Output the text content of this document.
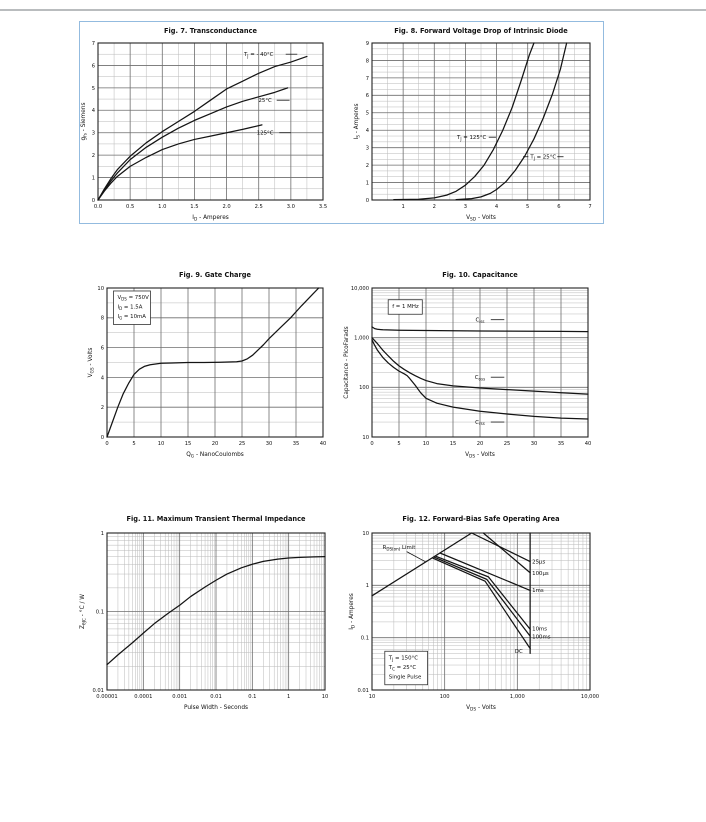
Fig. 7. Transconductance	Fig. 8. Forward Voltage Drop of Intrinsic Diode
Fig. 9. Gate Charge	Fig. 10. Capacitance
Fig. 11. Maximum Transient Thermal Impedance	Fig. 12. Forward-Bias Safe Operating Area
$T_J$ = - 40°C
25°C
125°C
0.0	0.5	1.0	1.5	2.0	2.5	3.0	3.5
0
1
2
3
4
5
6
7
$I_D$ - Amperes
$g_{fs}$ - Siemens
$T_J = 125^\circ C$
$T_J = 25^\circ C$
1	2	3	4	5	6	7
0
1
2
3
4
5
6
7
8
9
$V_{SD}$ - Volts
$I_S$ - Amperes
$V_{DS} = 750V$
$I_D = 1.5A$
$I_G = 10mA$
0	5	10	15	20	25	30	35	40
0
2
4
6
8
10
$Q_G$ - NanoCoulombs
$V_{GS}$ - Volts
$C_{iss}$
$C_{oss}$
$C_{rss}$
f = 1 MHz
0	5	10	15	20	25	30	35	40
10
100
1,000
10,000
$V_{DS}$ - Volts
Capacitance - PicoFarads
0.00001	0.0001	0.001	0.01	0.1	1	10
0.01
0.1
1
Pulse Width - Seconds
$Z_{\theta JC} - ^\circ C$ / W
$R_{DS(on)}$ Limit
25µs
100µs
1ms
10ms
100ms
DC
$T_J = 150^\circ C$
$T_C = 25^\circ C$
Single Pulse
10	100	1,000	10,000
0.01
0.1
1
10
$V_{DS}$ - Volts
$I_D$ - Amperes
